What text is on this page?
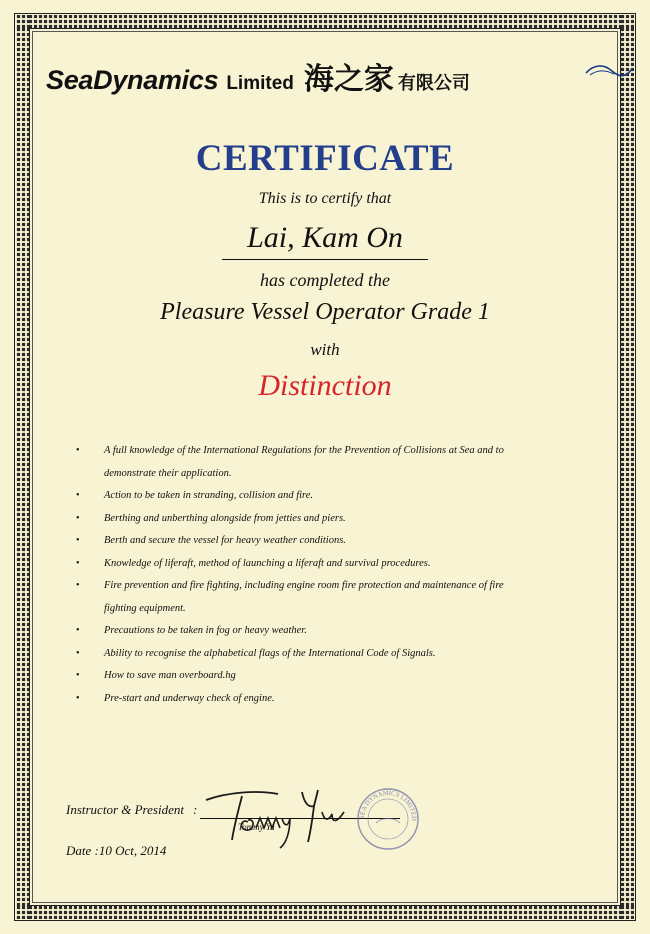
SeaDynamics Limited 海之家 有限公司
CERTIFICATE
This is to certify that
Lai, Kam On
has completed the
Pleasure Vessel Operator Grade 1
with
Distinction
• A full knowledge of the International Regulations for the Prevention of Collisions at Sea and to
demonstrate their application.
• Action to be taken in stranding, collision and fire.
• Berthing and unberthing alongside from jetties and piers.
• Berth and secure the vessel for heavy weather conditions.
• Knowledge of liferaft, method of launching a liferaft and survival procedures.
• Fire prevention and fire fighting, including engine room fire protection and maintenance of fire
fighting equipment.
• Precautions to be taken in fog or heavy weather.
• Ability to recognise the alphabetical flags of the International Code of Signals.
• How to save man overboard.hg
• Pre-start and underway check of engine.
Instructor & President :
Tommy Yu
SEA DYNAMICS LIMITED
Date :10 Oct, 2014
